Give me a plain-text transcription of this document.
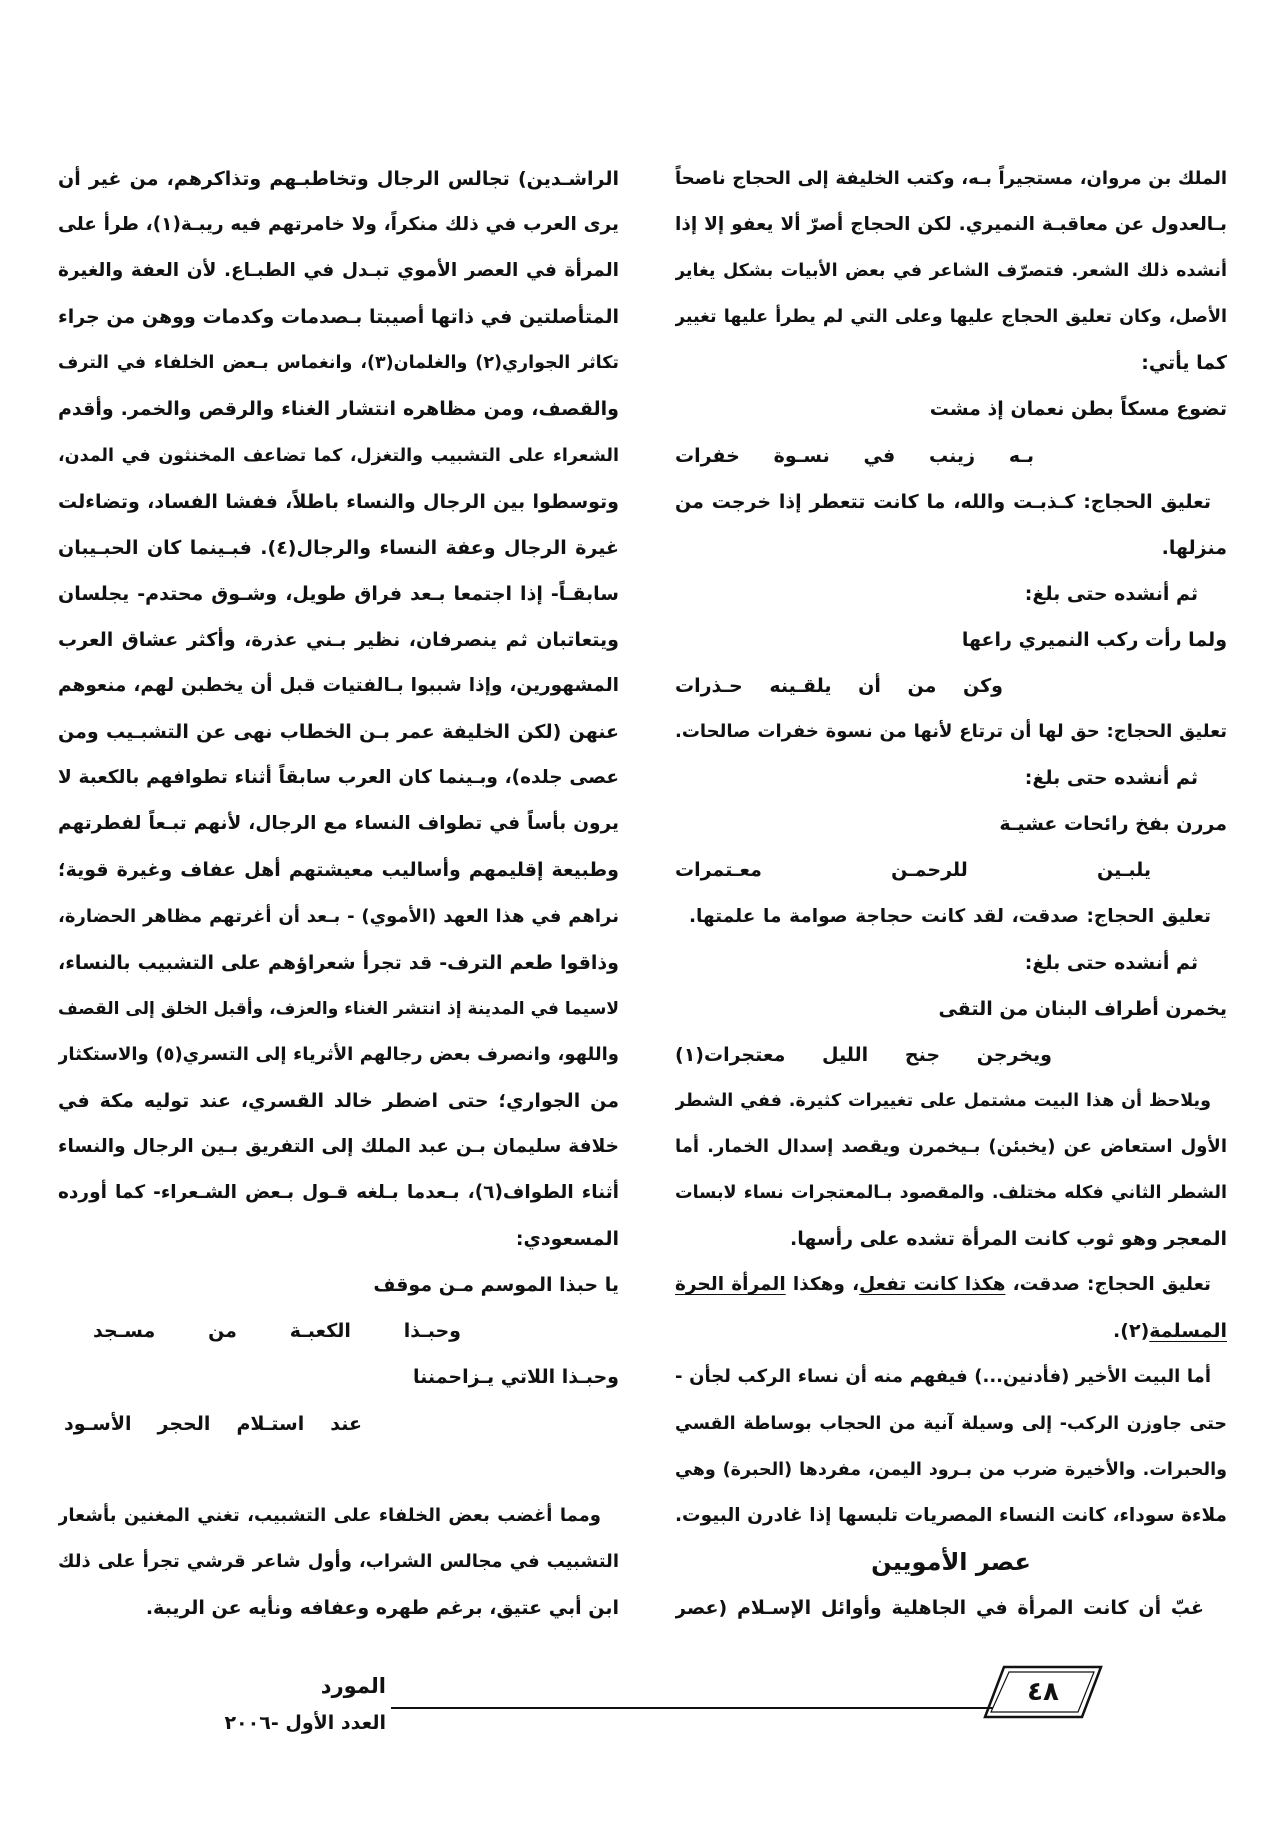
الملك بن مروان، مستجيراً بـه، وكتب الخليفة إلى الحجاج ناصحاً
بـالعدول عن معاقبـة النميري. لكن الحجاج أصرّ ألا يعفو إلا إذا
أنشده ذلك الشعر. فتصرّف الشاعر في بعض الأبيات بشكل يغاير
الأصل، وكان تعليق الحجاج عليها وعلى التي لم يطرأ عليها تغيير
كما يأتي:
تضوع مسكاً بطن نعمان إذ مشت
بـه زينب في نسـوة خفرات
تعليق الحجاج: كـذبـت والله، ما كانت تتعطر إذا خرجت من
منزلها.
ثم أنشده حتى بلغ:
ولما رأت ركب النميري راعها
وكن من أن يلقـينه حـذرات
تعليق الحجاج: حق لها أن ترتاع لأنها من نسوة خفرات صالحات.
ثم أنشده حتى بلغ:
مررن بفخ رائحات عشيـة
يلبـين للرحمـن معـتمرات
تعليق الحجاج: صدقت، لقد كانت حجاجة صوامة ما علمتها.
ثم أنشده حتى بلغ:
يخمرن أطراف البنان من التقى
ويخرجن جنح الليل معتجرات(١)
ويلاحظ أن هذا البيت مشتمل على تغييرات كثيرة. ففي الشطر
الأول استعاض عن (يخبئن) بـيخمرن ويقصد إسدال الخمار. أما
الشطر الثاني فكله مختلف. والمقصود بـالمعتجرات نساء لابسات
المعجر وهو ثوب كانت المرأة تشده على رأسها.
تعليق الحجاج: صدقت، هكذا كانت تفعل، وهكذا المرأة الحرة
المسلمة(٢).
أما البيت الأخير (فأدنين...) فيفهم منه أن نساء الركب لجأن -
حتى جاوزن الركب- إلى وسيلة آنية من الحجاب بوساطة القسي
والحبرات. والأخيرة ضرب من بـرود اليمن، مفردها (الحبرة) وهي
ملاءة سوداء، كانت النساء المصريات تلبسها إذا غادرن البيوت.
عصر الأمويين
غبّ أن كانت المرأة في الجاهلية وأوائل الإسـلام (عصر
الراشـدين) تجالس الرجال وتخاطبـهم وتذاكرهم، من غير أن
يرى العرب في ذلك منكراً، ولا خامرتهم فيه ريبـة(١)، طرأ على
المرأة في العصر الأموي تبـدل في الطبـاع. لأن العفة والغيرة
المتأصلتين في ذاتها أصيبتا بـصدمات وكدمات ووهن من جراء
تكاثر الجواري(٢) والغلمان(٣)، وانغماس بـعض الخلفاء في الترف
والقصف، ومن مظاهره انتشار الغناء والرقص والخمر. وأقدم
الشعراء على التشبيب والتغزل، كما تضاعف المخنثون في المدن،
وتوسطوا بين الرجال والنساء باطلاً، ففشا الفساد، وتضاءلت
غيرة الرجال وعفة النساء والرجال(٤). فبـينما كان الحبـيبان
سابقـاً- إذا اجتمعا بـعد فراق طويل، وشـوق محتدم- يجلسان
ويتعاتبان ثم ينصرفان، نظير بـني عذرة، وأكثر عشاق العرب
المشهورين، وإذا شببوا بـالفتيات قبل أن يخطبن لهم، منعوهم
عنهن (لكن الخليفة عمر بـن الخطاب نهى عن التشبـيب ومن
عصى جلده)، وبـينما كان العرب سابقاً أثناء تطوافهم بالكعبة لا
يرون بأساً في تطواف النساء مع الرجال، لأنهم تبـعاً لفطرتهم
وطبيعة إقليمهم وأساليب معيشتهم أهل عفاف وغيرة قوية؛
نراهم في هذا العهد (الأموي) - بـعد أن أغرتهم مظاهر الحضارة،
وذاقوا طعم الترف- قد تجرأ شعراؤهم على التشبيب بالنساء،
لاسيما في المدينة إذ انتشر الغناء والعزف، وأقبل الخلق إلى القصف
واللهو، وانصرف بعض رجالهم الأثرياء إلى التسري(٥) والاستكثار
من الجواري؛ حتى اضطر خالد القسري، عند توليه مكة في
خلافة سليمان بـن عبد الملك إلى التفريق بـين الرجال والنساء
أثناء الطواف(٦)، بـعدما بـلغه قـول بـعض الشـعراء- كما أورده
المسعودي:
يا حبذا الموسم مـن موقف
وحبـذا الكعبـة من مسـجد
وحبـذا اللاتي يـزاحمننا
عند استـلام الحجر الأسـود
ومما أغضب بعض الخلفاء على التشبيب، تغني المغنين بأشعار
التشبيب في مجالس الشراب، وأول شاعر قرشي تجرأ على ذلك
ابن أبي عتيق، برغم طهره وعفافه ونأيه عن الريبة.
٤٨
المورد
العدد الأول -٢٠٠٦
